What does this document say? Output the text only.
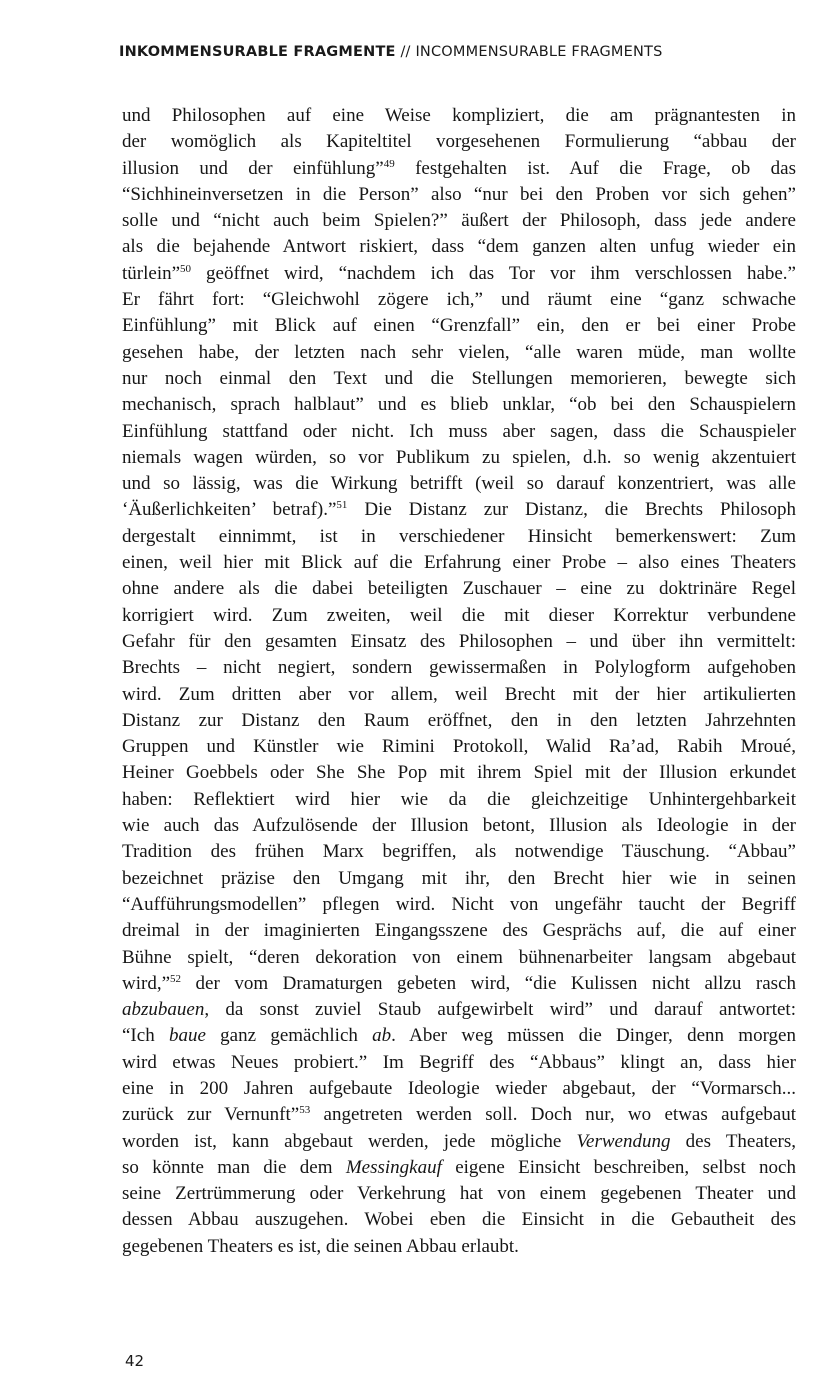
INKOMMENSURABLE FRAGMENTE // INCOMMENSURABLE FRAGMENTS
und Philosophen auf eine Weise kompliziert, die am prägnantesten in
der womöglich als Kapiteltitel vorgesehenen Formulierung “abbau der
illusion und der einfühlung”$^{49}$ festgehalten ist. Auf die Frage, ob das
“Sichhineinversetzen in die Person” also “nur bei den Proben vor sich gehen”
solle und “nicht auch beim Spielen?” äußert der Philosoph, dass jede andere
als die bejahende Antwort riskiert, dass “dem ganzen alten unfug wieder ein
türlein”$^{50}$ geöffnet wird, “nachdem ich das Tor vor ihm verschlossen habe.”
Er fährt fort: “Gleichwohl zögere ich,” und räumt eine “ganz schwache
Einfühlung” mit Blick auf einen “Grenzfall” ein, den er bei einer Probe
gesehen habe, der letzten nach sehr vielen, “alle waren müde, man wollte
nur noch einmal den Text und die Stellungen memorieren, bewegte sich
mechanisch, sprach halblaut” und es blieb unklar, “ob bei den Schauspielern
Einfühlung stattfand oder nicht. Ich muss aber sagen, dass die Schauspieler
niemals wagen würden, so vor Publikum zu spielen, d.h. so wenig akzentuiert
und so lässig, was die Wirkung betrifft (weil so darauf konzentriert, was alle
‘Äußerlichkeiten’ betraf).”$^{51}$ Die Distanz zur Distanz, die Brechts Philosoph
dergestalt einnimmt, ist in verschiedener Hinsicht bemerkenswert: Zum
einen, weil hier mit Blick auf die Erfahrung einer Probe – also eines Theaters
ohne andere als die dabei beteiligten Zuschauer – eine zu doktrinäre Regel
korrigiert wird. Zum zweiten, weil die mit dieser Korrektur verbundene
Gefahr für den gesamten Einsatz des Philosophen – und über ihn vermittelt:
Brechts – nicht negiert, sondern gewissermaßen in Polylogform aufgehoben
wird. Zum dritten aber vor allem, weil Brecht mit der hier artikulierten
Distanz zur Distanz den Raum eröffnet, den in den letzten Jahrzehnten
Gruppen und Künstler wie Rimini Protokoll, Walid Ra’ad, Rabih Mroué,
Heiner Goebbels oder She She Pop mit ihrem Spiel mit der Illusion erkundet
haben: Reflektiert wird hier wie da die gleichzeitige Unhintergehbarkeit
wie auch das Aufzulösende der Illusion betont, Illusion als Ideologie in der
Tradition des frühen Marx begriffen, als notwendige Täuschung. “Abbau”
bezeichnet präzise den Umgang mit ihr, den Brecht hier wie in seinen
“Aufführungsmodellen” pflegen wird. Nicht von ungefähr taucht der Begriff
dreimal in der imaginierten Eingangsszene des Gesprächs auf, die auf einer
Bühne spielt, “deren dekoration von einem bühnenarbeiter langsam abgebaut
wird,”$^{52}$ der vom Dramaturgen gebeten wird, “die Kulissen nicht allzu rasch
abzubauen, da sonst zuviel Staub aufgewirbelt wird” und darauf antwortet:
“Ich baue ganz gemächlich ab. Aber weg müssen die Dinger, denn morgen
wird etwas Neues probiert.” Im Begriff des “Abbaus” klingt an, dass hier
eine in 200 Jahren aufgebaute Ideologie wieder abgebaut, der “Vormarsch...
zurück zur Vernunft”$^{53}$ angetreten werden soll. Doch nur, wo etwas aufgebaut
worden ist, kann abgebaut werden, jede mögliche Verwendung des Theaters,
so könnte man die dem Messingkauf eigene Einsicht beschreiben, selbst noch
seine Zertrümmerung oder Verkehrung hat von einem gegebenen Theater und
dessen Abbau auszugehen. Wobei eben die Einsicht in die Gebautheit des
gegebenen Theaters es ist, die seinen Abbau erlaubt.
42
